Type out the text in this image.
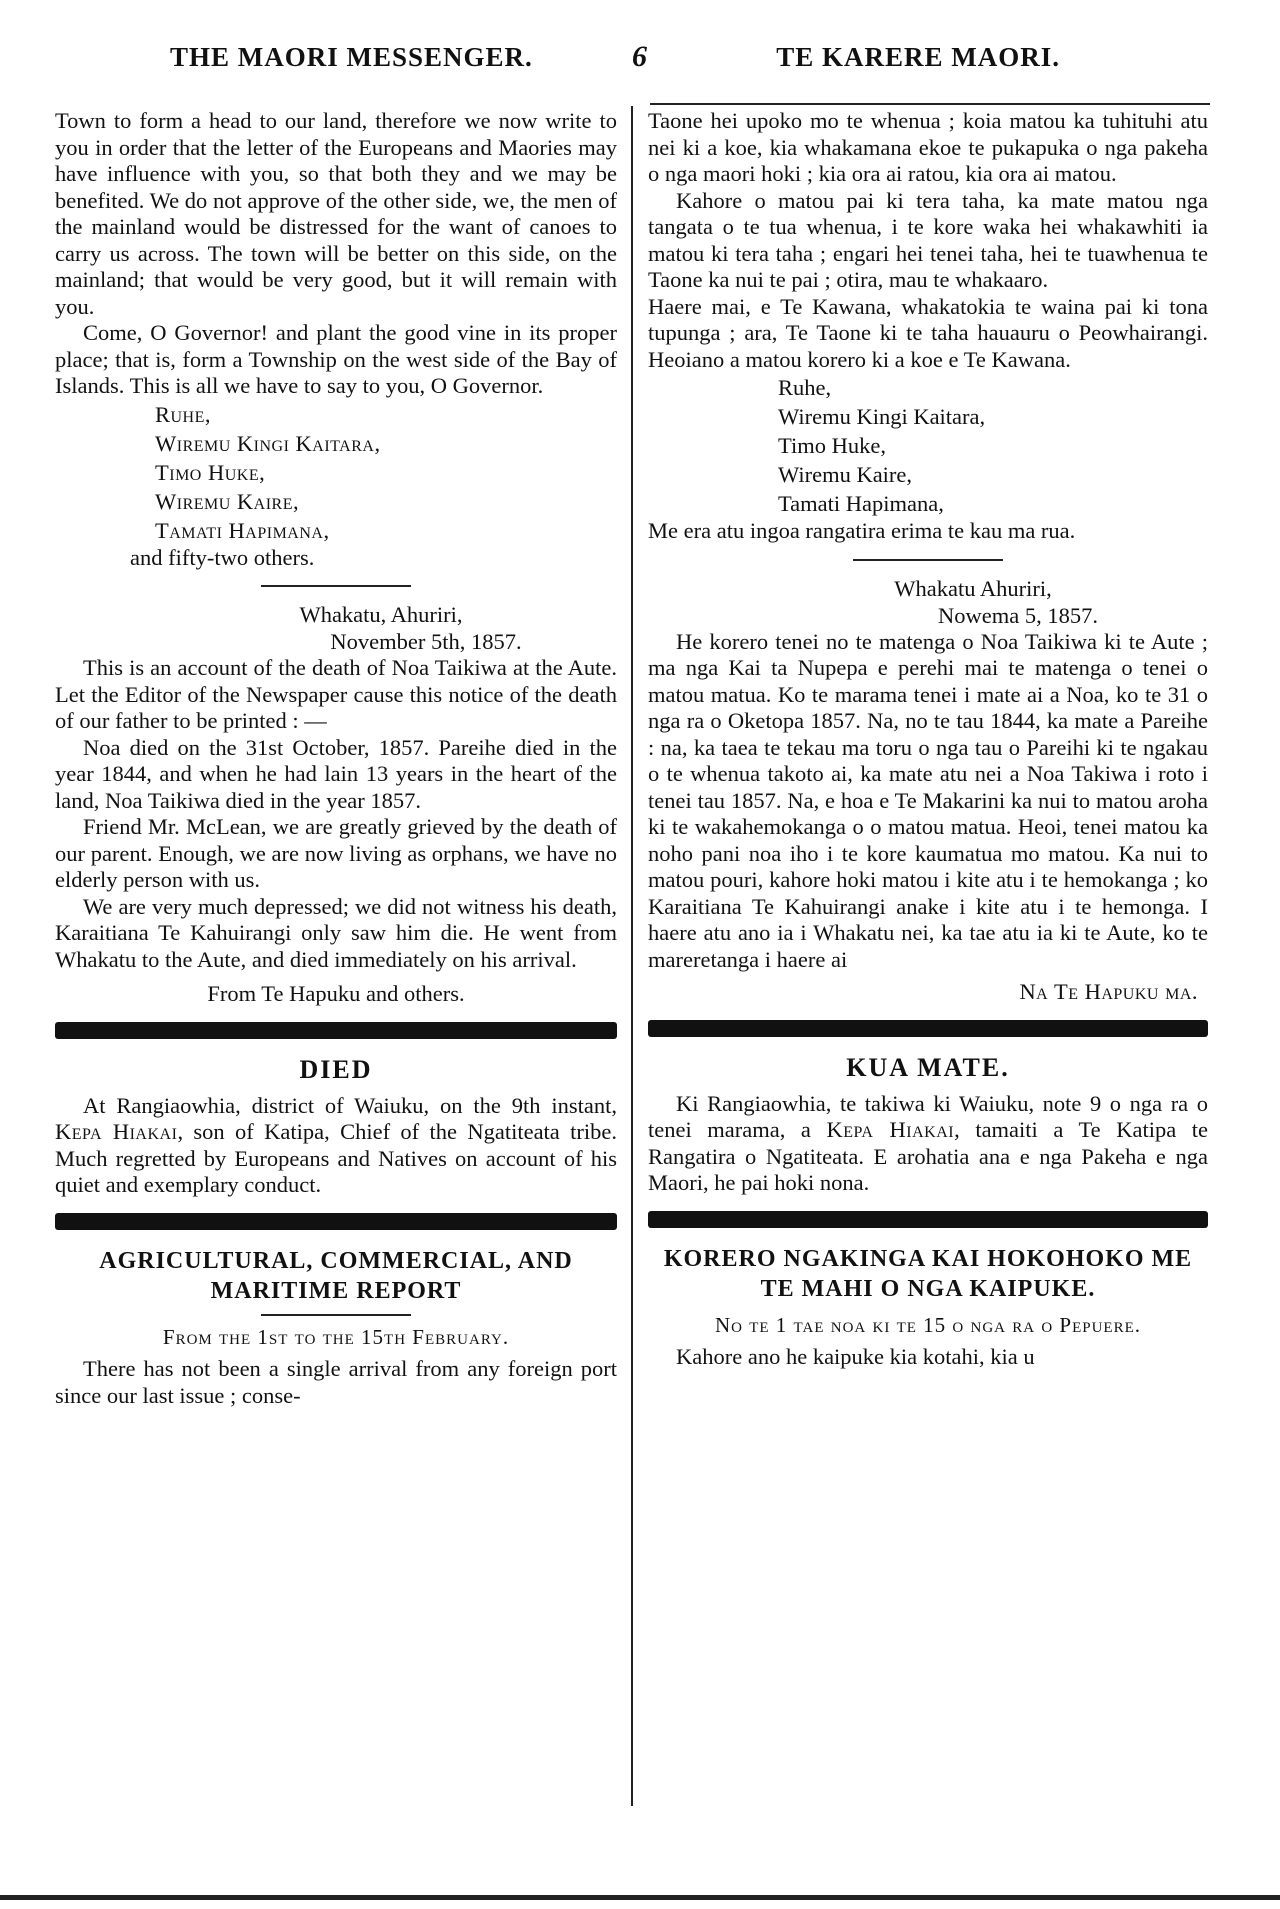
THE MAORI MESSENGER.	6	TE KARERE MAORI.

Town to form a head to our land, therefore we now write to you in order that the letter of the Europeans and Maories may have influence with you, so that both they and we may be benefited. We do not approve of the other side, we, the men of the mainland would be distressed for the want of canoes to carry us across. The town will be better on this side, on the mainland; that would be very good, but it will remain with you.

Come, O Governor! and plant the good vine in its proper place; that is, form a Township on the west side of the Bay of Islands. This is all we have to say to you, O Governor.

Ruhe,
Wiremu Kingi Kaitara,
Timo Huke,
Wiremu Kaire,
Tamati Hapimana,
and fifty-two others.
Whakatu, Ahuriri,
November 5th, 1857.

This is an account of the death of Noa Taikiwa at the Aute. Let the Editor of the Newspaper cause this notice of the death of our father to be printed : —

Noa died on the 31st October, 1857. Pareihe died in the year 1844, and when he had lain 13 years in the heart of the land, Noa Taikiwa died in the year 1857.

Friend Mr. McLean, we are greatly grieved by the death of our parent. Enough, we are now living as orphans, we have no elderly person with us.

We are very much depressed; we did not witness his death, Karaitiana Te Kahuirangi only saw him die. He went from Whakatu to the Aute, and died immediately on his arrival.

From Te Hapuku and others.
DIED

At Rangiaowhia, district of Waiuku, on the 9th instant, Kepa Hiakai, son of Katipa, Chief of the Ngatiteata tribe. Much regretted by Europeans and Natives on account of his quiet and exemplary conduct.

AGRICULTURAL, COMMERCIAL, AND MARITIME REPORT
From the 1st to the 15th February.

There has not been a single arrival from any foreign port since our last issue ; conse-

Taone hei upoko mo te whenua ; koia matou ka tuhituhi atu nei ki a koe, kia whakamana ekoe te pukapuka o nga pakeha o nga maori hoki ; kia ora ai ratou, kia ora ai matou.

Kahore o matou pai ki tera taha, ka mate matou nga tangata o te tua whenua, i te kore waka hei whakawhiti ia matou ki tera taha ; engari hei tenei taha, hei te tuawhenua te Taone ka nui te pai ; otira, mau te whakaaro.

Haere mai, e Te Kawana, whakatokia te waina pai ki tona tupunga ; ara, Te Taone ki te taha hauauru o Peowhairangi. Heoiano a matou korero ki a koe e Te Kawana.

Ruhe,
Wiremu Kingi Kaitara,
Timo Huke,
Wiremu Kaire,
Tamati Hapimana,
Me era atu ingoa rangatira erima te kau ma rua.
Whakatu Ahuriri,
Nowema 5, 1857.

He korero tenei no te matenga o Noa Taikiwa ki te Aute ; ma nga Kai ta Nupepa e perehi mai te matenga o tenei o matou matua. Ko te marama tenei i mate ai a Noa, ko te 31 o nga ra o Oketopa 1857. Na, no te tau 1844, ka mate a Pareihe : na, ka taea te tekau ma toru o nga tau o Pareihi ki te ngakau o te whenua takoto ai, ka mate atu nei a Noa Takiwa i roto i tenei tau 1857. Na, e hoa e Te Makarini ka nui to matou aroha ki te wakahemokanga o o matou matua. Heoi, tenei matou ka noho pani noa iho i te kore kaumatua mo matou. Ka nui to matou pouri, kahore hoki matou i kite atu i te hemokanga ; ko Karaitiana Te Kahuirangi anake i kite atu i te hemonga. I haere atu ano ia i Whakatu nei, ka tae atu ia ki te Aute, ko te mareretanga i haere ai

Na Te Hapuku ma.
KUA MATE.

Ki Rangiaowhia, te takiwa ki Waiuku, note 9 o nga ra o tenei marama, a Kepa Hiakai, tamaiti a Te Katipa te Rangatira o Ngatiteata. E arohatia ana e nga Pakeha e nga Maori, he pai hoki nona.

KORERO NGAKINGA KAI HOKOHOKO ME TE MAHI O NGA KAIPUKE.
No te 1 tae noa ki te 15 o nga ra o Pepuere.

Kahore ano he kaipuke kia kotahi, kia u
